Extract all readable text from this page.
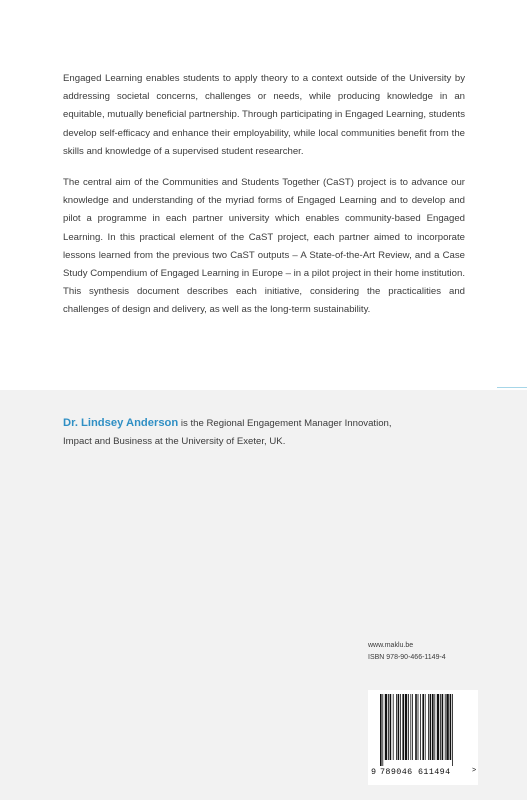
Engaged Learning enables students to apply theory to a context outside of the University by addressing societal concerns, challenges or needs, while producing knowledge in an equitable, mutually beneficial partnership. Through participating in Engaged Learning, students develop self-efficacy and enhance their employability, while local communities benefit from the skills and knowledge of a supervised student researcher.
The central aim of the Communities and Students Together (CaST) project is to advance our knowledge and understanding of the myriad forms of Engaged Learning and to develop and pilot a programme in each partner university which enables community-based Engaged Learning. In this practical element of the CaST project, each partner aimed to incorporate lessons learned from the previous two CaST outputs – A State-of-the-Art Review, and a Case Study Compendium of Engaged Learning in Europe – in a pilot project in their home institution. This synthesis document describes each initiative, considering the practicalities and challenges of design and delivery, as well as the long-term sustainability.
Dr. Lindsey Anderson is the Regional Engagement Manager Innovation,
Impact and Business at the University of Exeter, UK.
www.maklu.be
ISBN 978-90-466-1149-4
9 789046 611494	>
